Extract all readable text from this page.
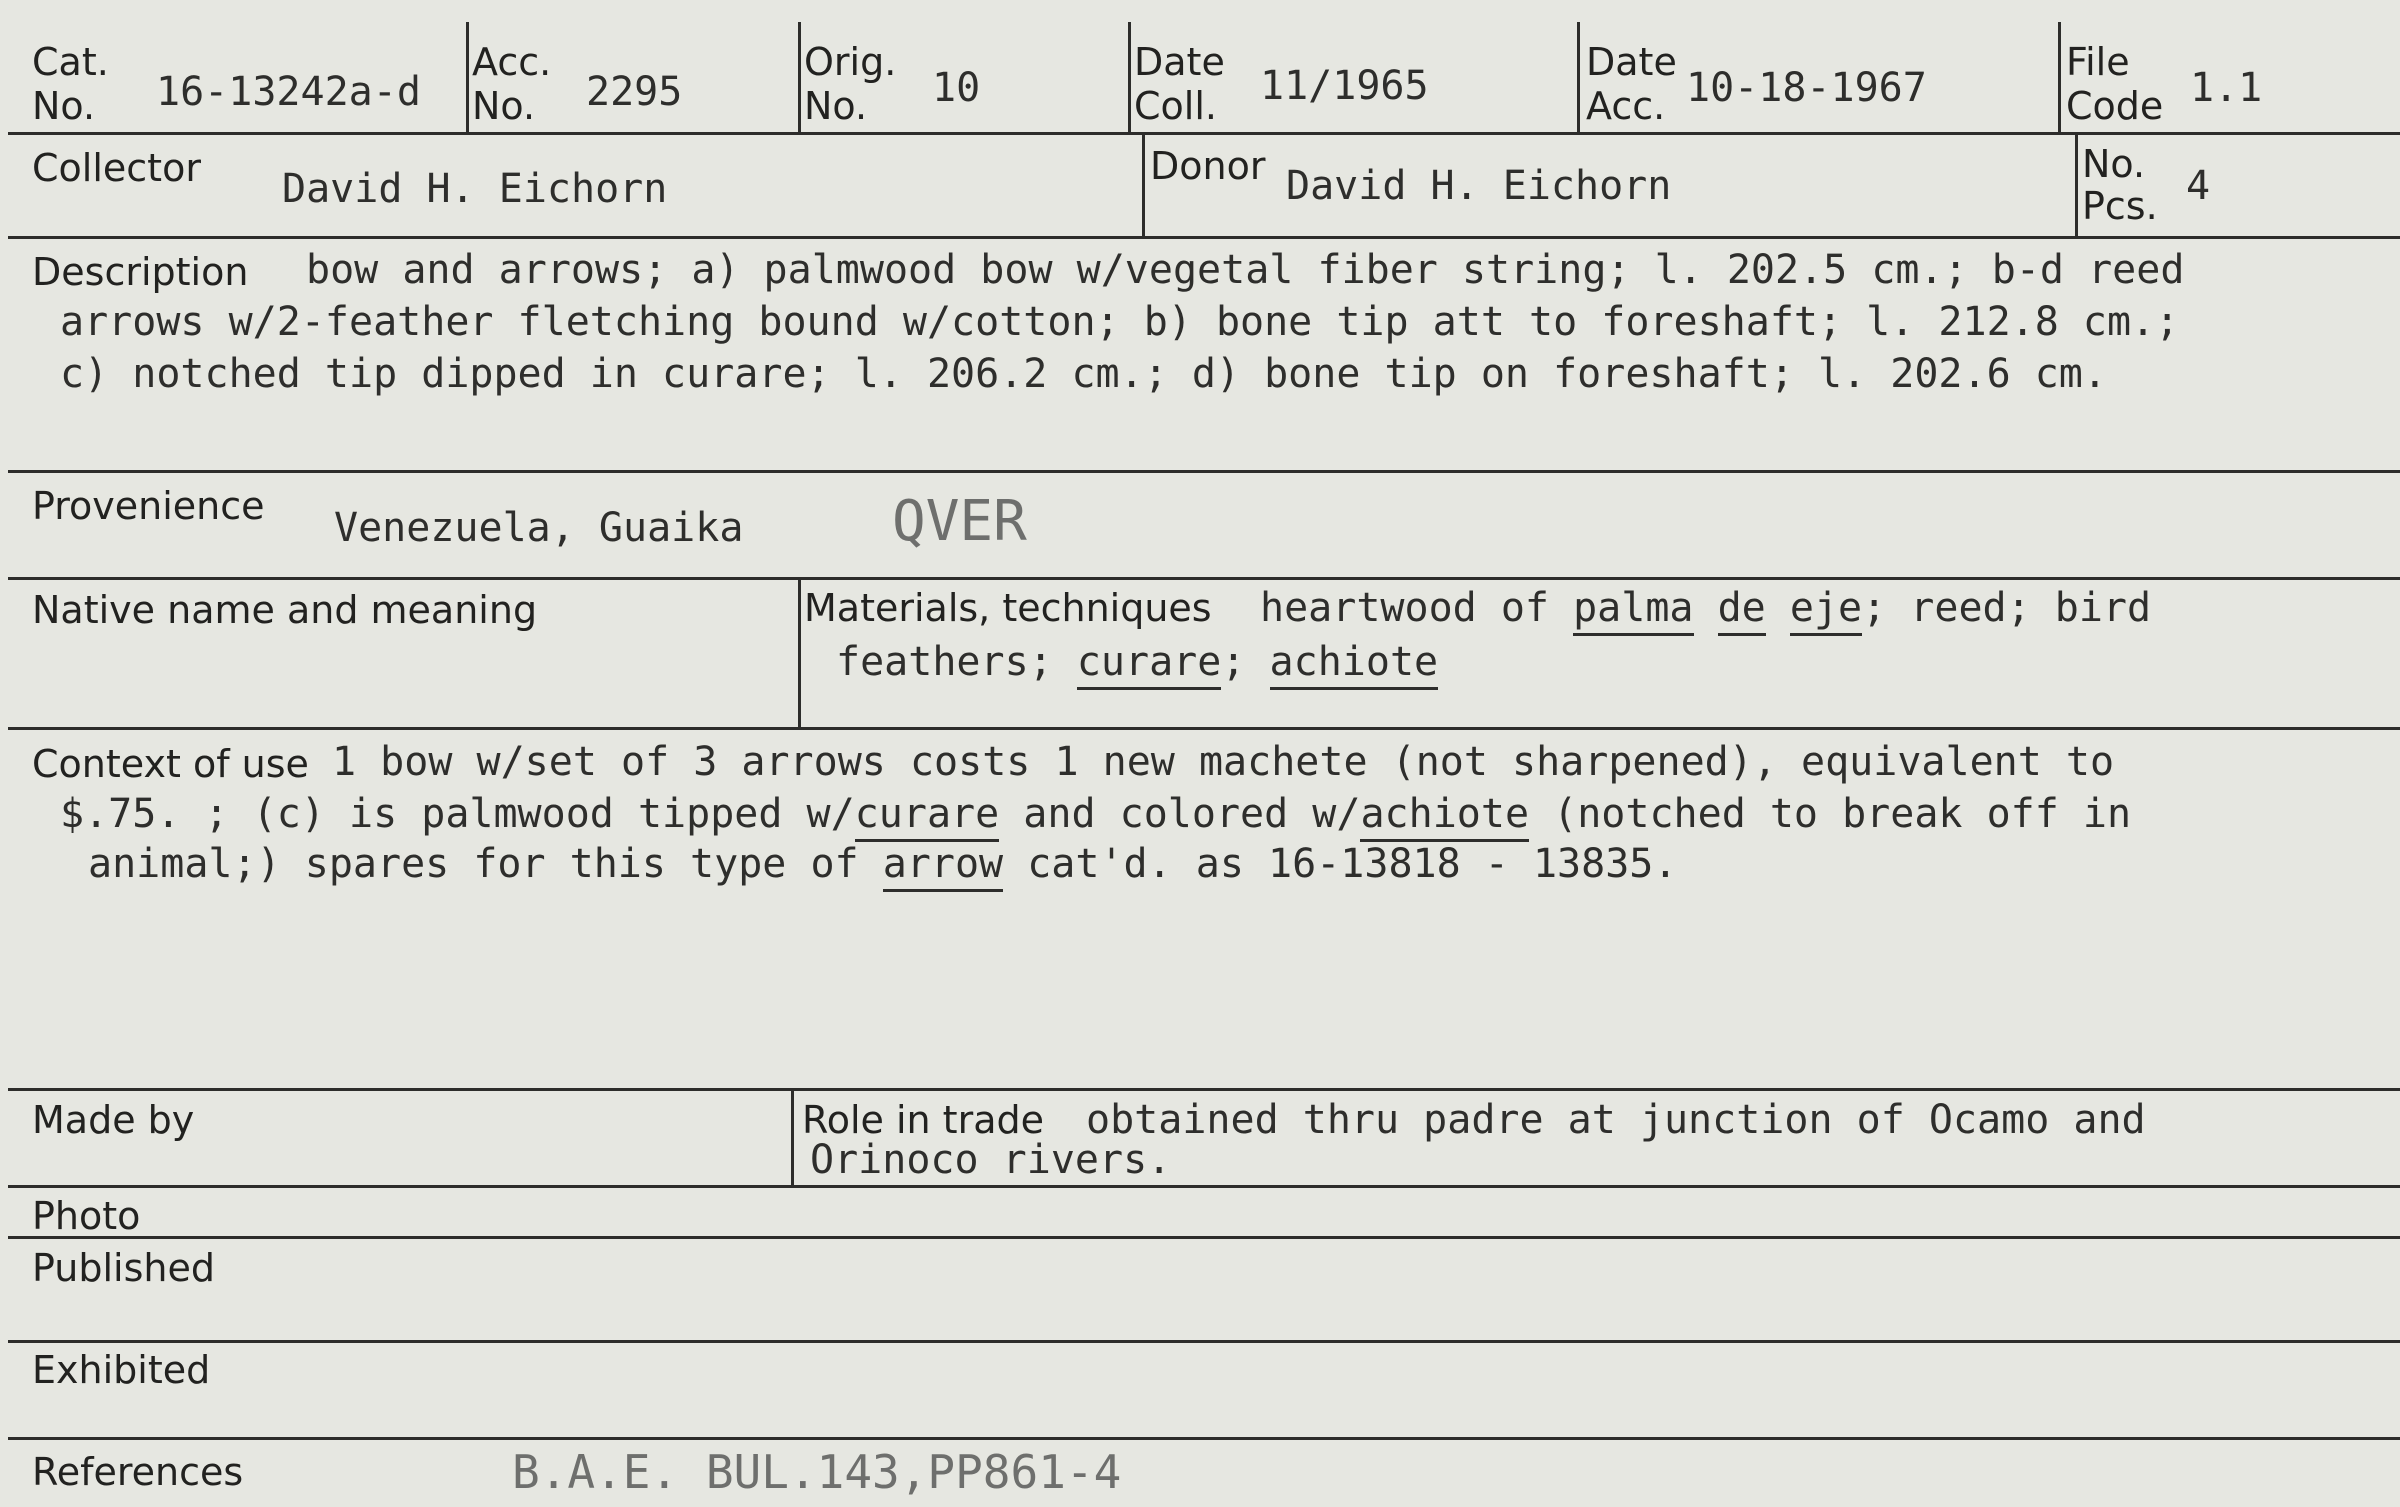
Cat.
No. 16-13242a-d
Acc.
No. 2295
Orig.
No. 10
Date
Coll. 11/1965
Date
Acc. 10-18-1967
File
Code 1.1
Collector David H. Eichorn	Donor David H. Eichorn	No.
Pcs. 4
Description bow and arrows; a) palmwood bow w/vegetal fiber string; l. 202.5 cm.; b-d reed
arrows w/2-feather fletching bound w/cotton; b) bone tip att to foreshaft; l. 212.8 cm.;
c) notched tip dipped in curare; l. 206.2 cm.; d) bone tip on foreshaft; l. 202.6 cm.
Provenience Venezuela, Guaika	QVER
Native name and meaning	Materials, techniques heartwood of palma de eje; reed; bird
feathers; curare; achiote
Context of use 1 bow w/set of 3 arrows costs 1 new machete (not sharpened), equivalent to
$.75. ; (c) is palmwood tipped w/curare and colored w/achiote (notched to break off in
animal;) spares for this type of arrow cat'd. as 16-13818 - 13835.
Made by	Role in trade obtained thru padre at junction of Ocamo and
Orinoco rivers.
Photo
Published
Exhibited
References	B.A.E. BUL.143,PP861-4
